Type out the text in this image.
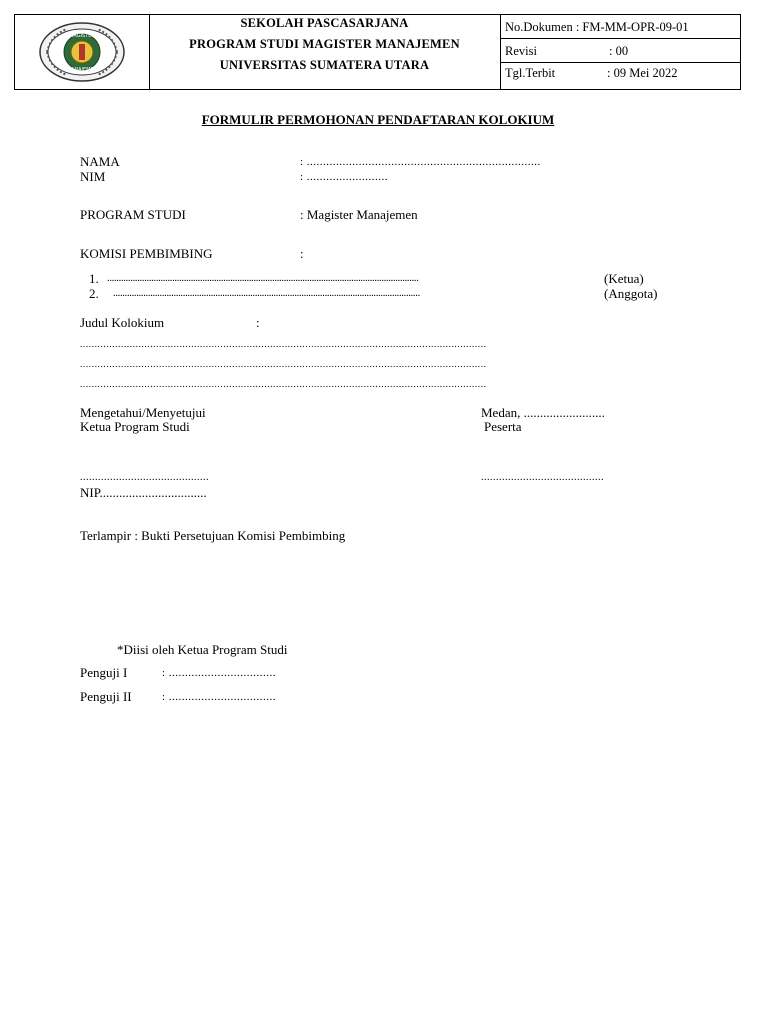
MAGISTER
MANAJEMEN
SEKOLAH PASCASARJANA
PROGRAM STUDI MAGISTER MANAJEMEN
UNIVERSITAS SUMATERA UTARA
No.Dokumen : FM-MM-OPR-09-01
Revisi	: 00
Tgl.Terbit	: 09 Mei 2022
FORMULIR PERMOHONAN PENDAFTARAN KOLOKIUM
NAMA	: ........................................................................
NIM	: .........................
PROGRAM STUDI	: Magister Manajemen
KOMISI PEMBIMBING	:
1. ......................................................................................................................................	(Ketua)
2. ....................................................................................................................................	(Anggota)
Judul Kolokium	:
...........................................................................................................................................
...........................................................................................................................................
...........................................................................................................................................
Mengetahui/Menyetujui
Ketua Program Studi
Medan, .........................
Peserta
...........................................
NIP.................................
.........................................
Terlampir : Bukti Persetujuan Komisi Pembimbing
*Diisi oleh Ketua Program Studi
Penguji I	: .................................
Penguji II	: .................................
